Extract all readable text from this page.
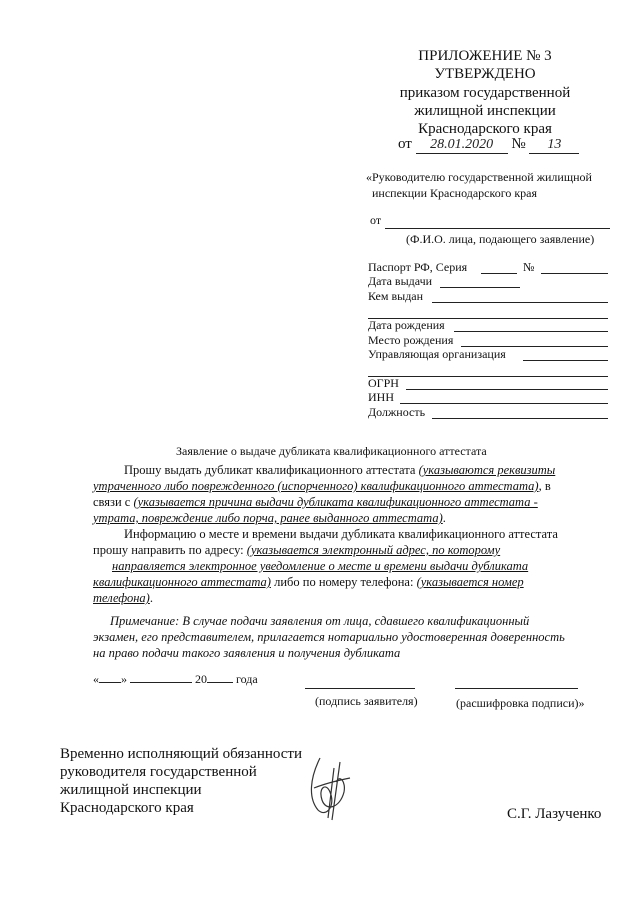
ПРИЛОЖЕНИЕ № 3
УТВЕРЖДЕНО
приказом государственной
жилищной инспекции
Краснодарского края
от 28.01.2020 № 13
«Руководителю государственной жилищной
инспекции Краснодарского края
от
(Ф.И.О. лица, подающего заявление)
Паспорт РФ, Серия	№
Дата выдачи
Кем выдан
Дата рождения
Место рождения
Управляющая организация
ОГРН
ИНН
Должность
Заявление о выдаче дубликата квалификационного аттестата
Прошу выдать дубликат квалификационного аттестата (указываются реквизиты
утраченного либо поврежденного (испорченного) квалификационного аттестата), в
связи с (указывается причина выдачи дубликата квалификационного аттестата -
утрата, повреждение либо порча, ранее выданного аттестата).
Информацию о месте и времени выдачи дубликата квалификационного аттестата
прошу направить по адресу: (указывается электронный адрес, по которому
направляется электронное уведомление о месте и времени выдачи дубликата
квалификационного аттестата) либо по номеру телефона: (указывается номер
телефона).
Примечание: В случае подачи заявления от лица, сдавшего квалификационный
экзамен, его представителем, прилагается нотариально удостоверенная доверенность
на право подачи такого заявления и получения дубликата
« »	20 года
(подпись заявителя)	(расшифровка подписи)»
Временно исполняющий обязанности
руководителя государственной
жилищной инспекции
Краснодарского края	С.Г. Лазученко
